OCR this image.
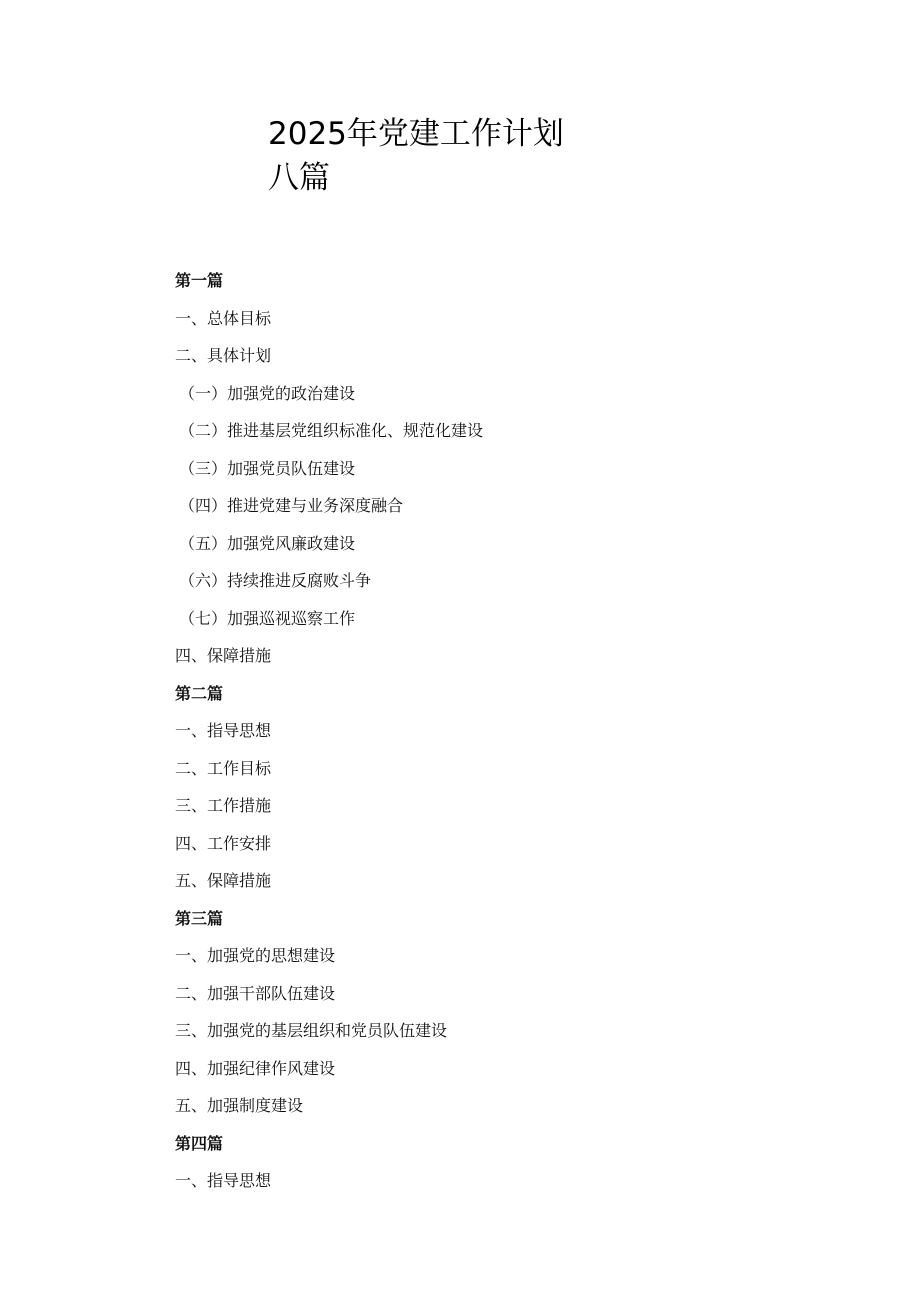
2025年党建工作计划
八篇
第一篇
一、总体目标
二、具体计划
（一）加强党的政治建设
（二）推进基层党组织标准化、规范化建设
（三）加强党员队伍建设
（四）推进党建与业务深度融合
（五）加强党风廉政建设
（六）持续推进反腐败斗争
（七）加强巡视巡察工作
四、保障措施
第二篇
一、指导思想
二、工作目标
三、工作措施
四、工作安排
五、保障措施
第三篇
一、加强党的思想建设
二、加强干部队伍建设
三、加强党的基层组织和党员队伍建设
四、加强纪律作风建设
五、加强制度建设
第四篇
一、指导思想
